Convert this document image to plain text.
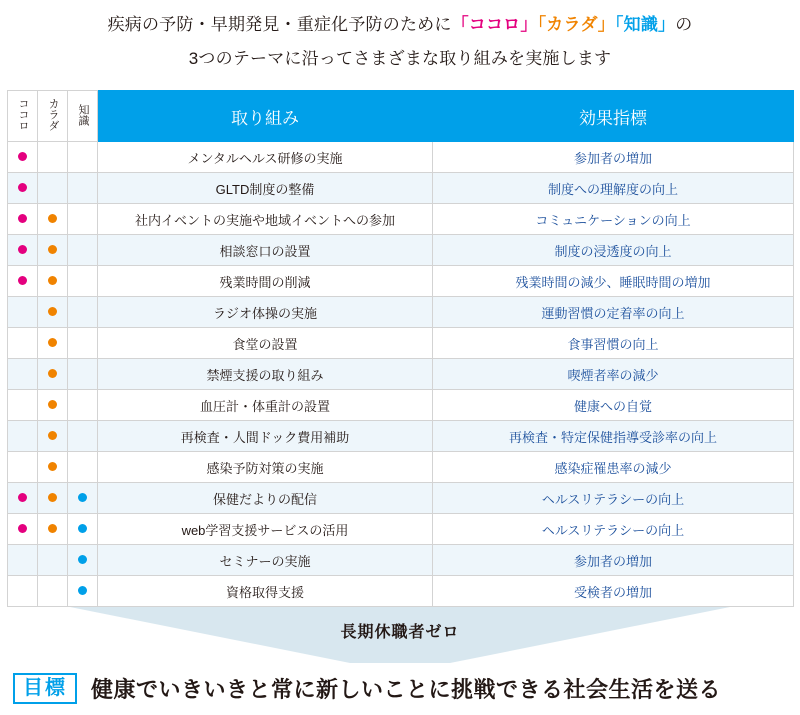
疾病の予防・早期発見・重症化予防のために「ココロ」「カラダ」「知識」の
3つのテーマに沿ってさまざまな取り組みを実施します
ココロ	カラダ	知識	取り組み	効果指標
			メンタルヘルス研修の実施	参加者の増加
			GLTD制度の整備	制度への理解度の向上
			社内イベントの実施や地域イベントへの参加	コミュニケーションの向上
			相談窓口の設置	制度の浸透度の向上
			残業時間の削減	残業時間の減少、睡眠時間の増加
			ラジオ体操の実施	運動習慣の定着率の向上
			食堂の設置	食事習慣の向上
			禁煙支援の取り組み	喫煙者率の減少
			血圧計・体重計の設置	健康への自覚
			再検査・人間ドック費用補助	再検査・特定保健指導受診率の向上
			感染予防対策の実施	感染症罹患率の減少
			保健だよりの配信	ヘルスリテラシーの向上
			web学習支援サービスの活用	ヘルスリテラシーの向上
			セミナーの実施	参加者の増加
			資格取得支援	受検者の増加
長期休職者ゼロ
目標	健康でいきいきと常に新しいことに挑戦できる社会生活を送る
